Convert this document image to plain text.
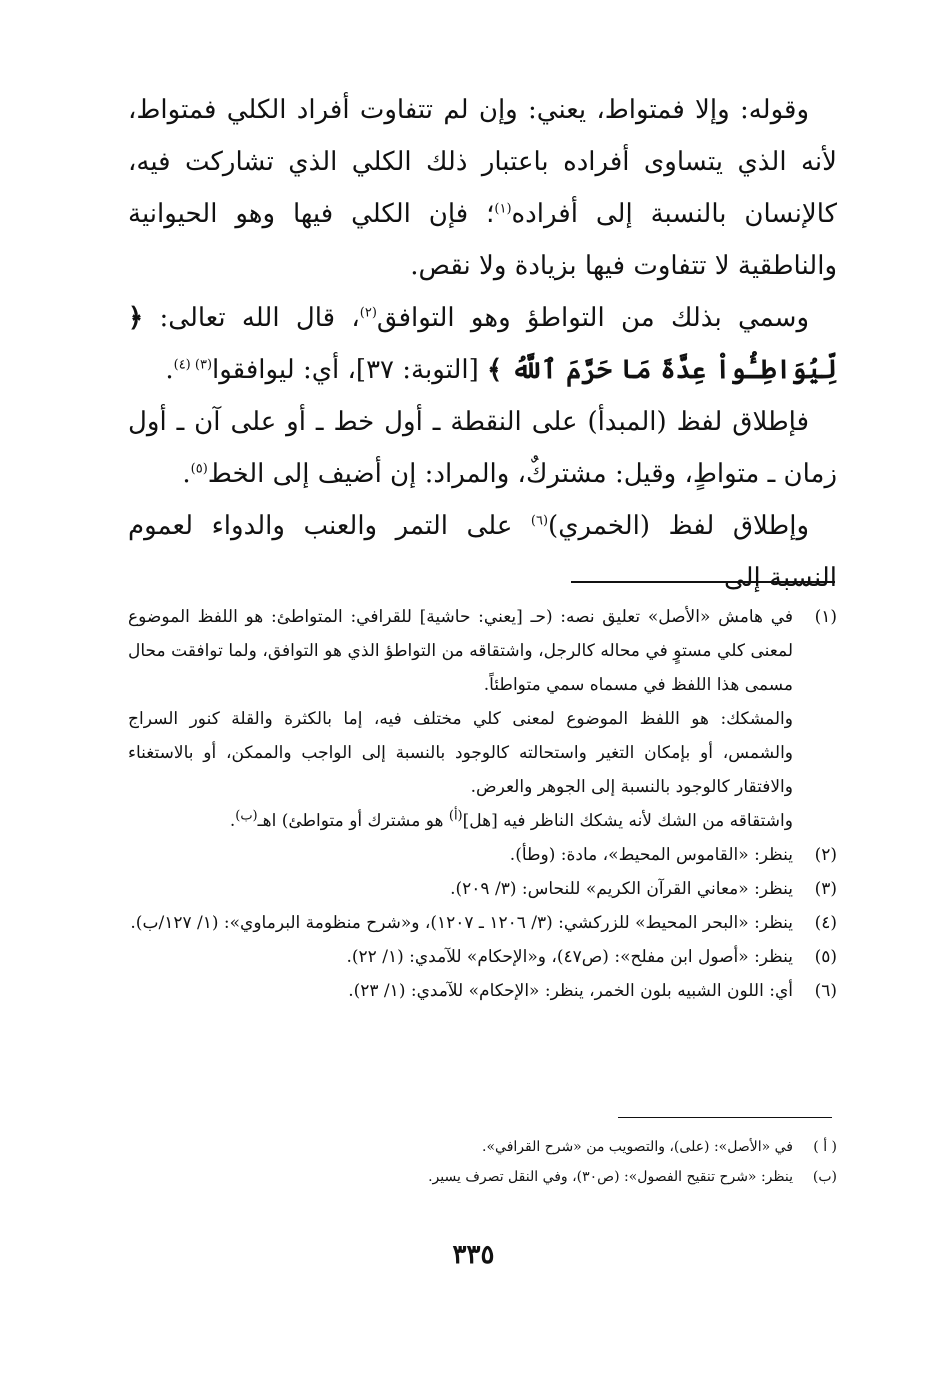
وقوله: وإلا فمتواط، يعني: وإن لم تتفاوت أفراد الكلي فمتواط، لأنه الذي يتساوى أفراده باعتبار ذلك الكلي الذي تشاركت فيه، كالإنسان بالنسبة إلى أفراده$^{(١)}$؛ فإن الكلي فيها وهو الحيوانية والناطقية لا تتفاوت فيها بزيادة ولا نقص.

وسمي بذلك من التواطؤ وهو التوافق$^{(٢)}$، قال الله تعالى: ﴿ لِّيُوَاطِـُٔواْ عِدَّةَ مَا حَرَّمَ ٱللَّهُ ﴾ [التوبة: ٣٧]، أي: ليوافقوا$^{(٣) (٤)}$.

فإطلاق لفظ (المبدأ) على النقطة ـ أول خط ـ أو على آن ـ أول زمان ـ متواطٍ، وقيل: مشتركٌ، والمراد: إن أضيف إلى الخط$^{(٥)}$.

وإطلاق لفظ (الخمري)$^{(٦)}$ على التمر والعنب والدواء لعموم النسبة إلى

(١)
في هامش «الأصل» تعليق نصه: (حـ [يعني: حاشية] للقرافي: المتواطئ: هو اللفظ الموضوع لمعنى كلي مستوٍ في محاله كالرجل، واشتقاقه من التواطؤ الذي هو التوافق، ولما توافقت محال مسمى هذا اللفظ في مسماه سمي متواطئاً.
والمشكك: هو اللفظ الموضوع لمعنى كلي مختلف فيه، إما بالكثرة والقلة كنور السراج والشمس، أو بإمكان التغير واستحالته كالوجود بالنسبة إلى الواجب والممكن، أو بالاستغناء والافتقار كالوجود بالنسبة إلى الجوهر والعرض.
واشتقاقه من الشك لأنه يشكك الناظر فيه [هل]$^{(أ)}$ هو مشترك أو متواطئ) اهـ$^{(ب)}$.
(٢)
ينظر: «القاموس المحيط»، مادة: (وطأ).
(٣)
ينظر: «معاني القرآن الكريم» للنحاس: (٣/ ٢٠٩).
(٤)
ينظر: «البحر المحيط» للزركشي: (٣/ ١٢٠٦ ـ ١٢٠٧)، و«شرح منظومة البرماوي»: (١/ ١٢٧/ب).
(٥)
ينظر: «أصول ابن مفلح»: (ص٤٧)، و«الإحكام» للآمدي: (١/ ٢٢).
(٦)
أي: اللون الشبيه بلون الخمر، ينظر: «الإحكام» للآمدي: (١/ ٢٣).
( أ )
في «الأصل»: (على)، والتصويب من «شرح القرافي».
(ب)
ينظر: «شرح تنقيح الفصول»: (ص٣٠)، وفي النقل تصرف يسير.
٣٣٥
